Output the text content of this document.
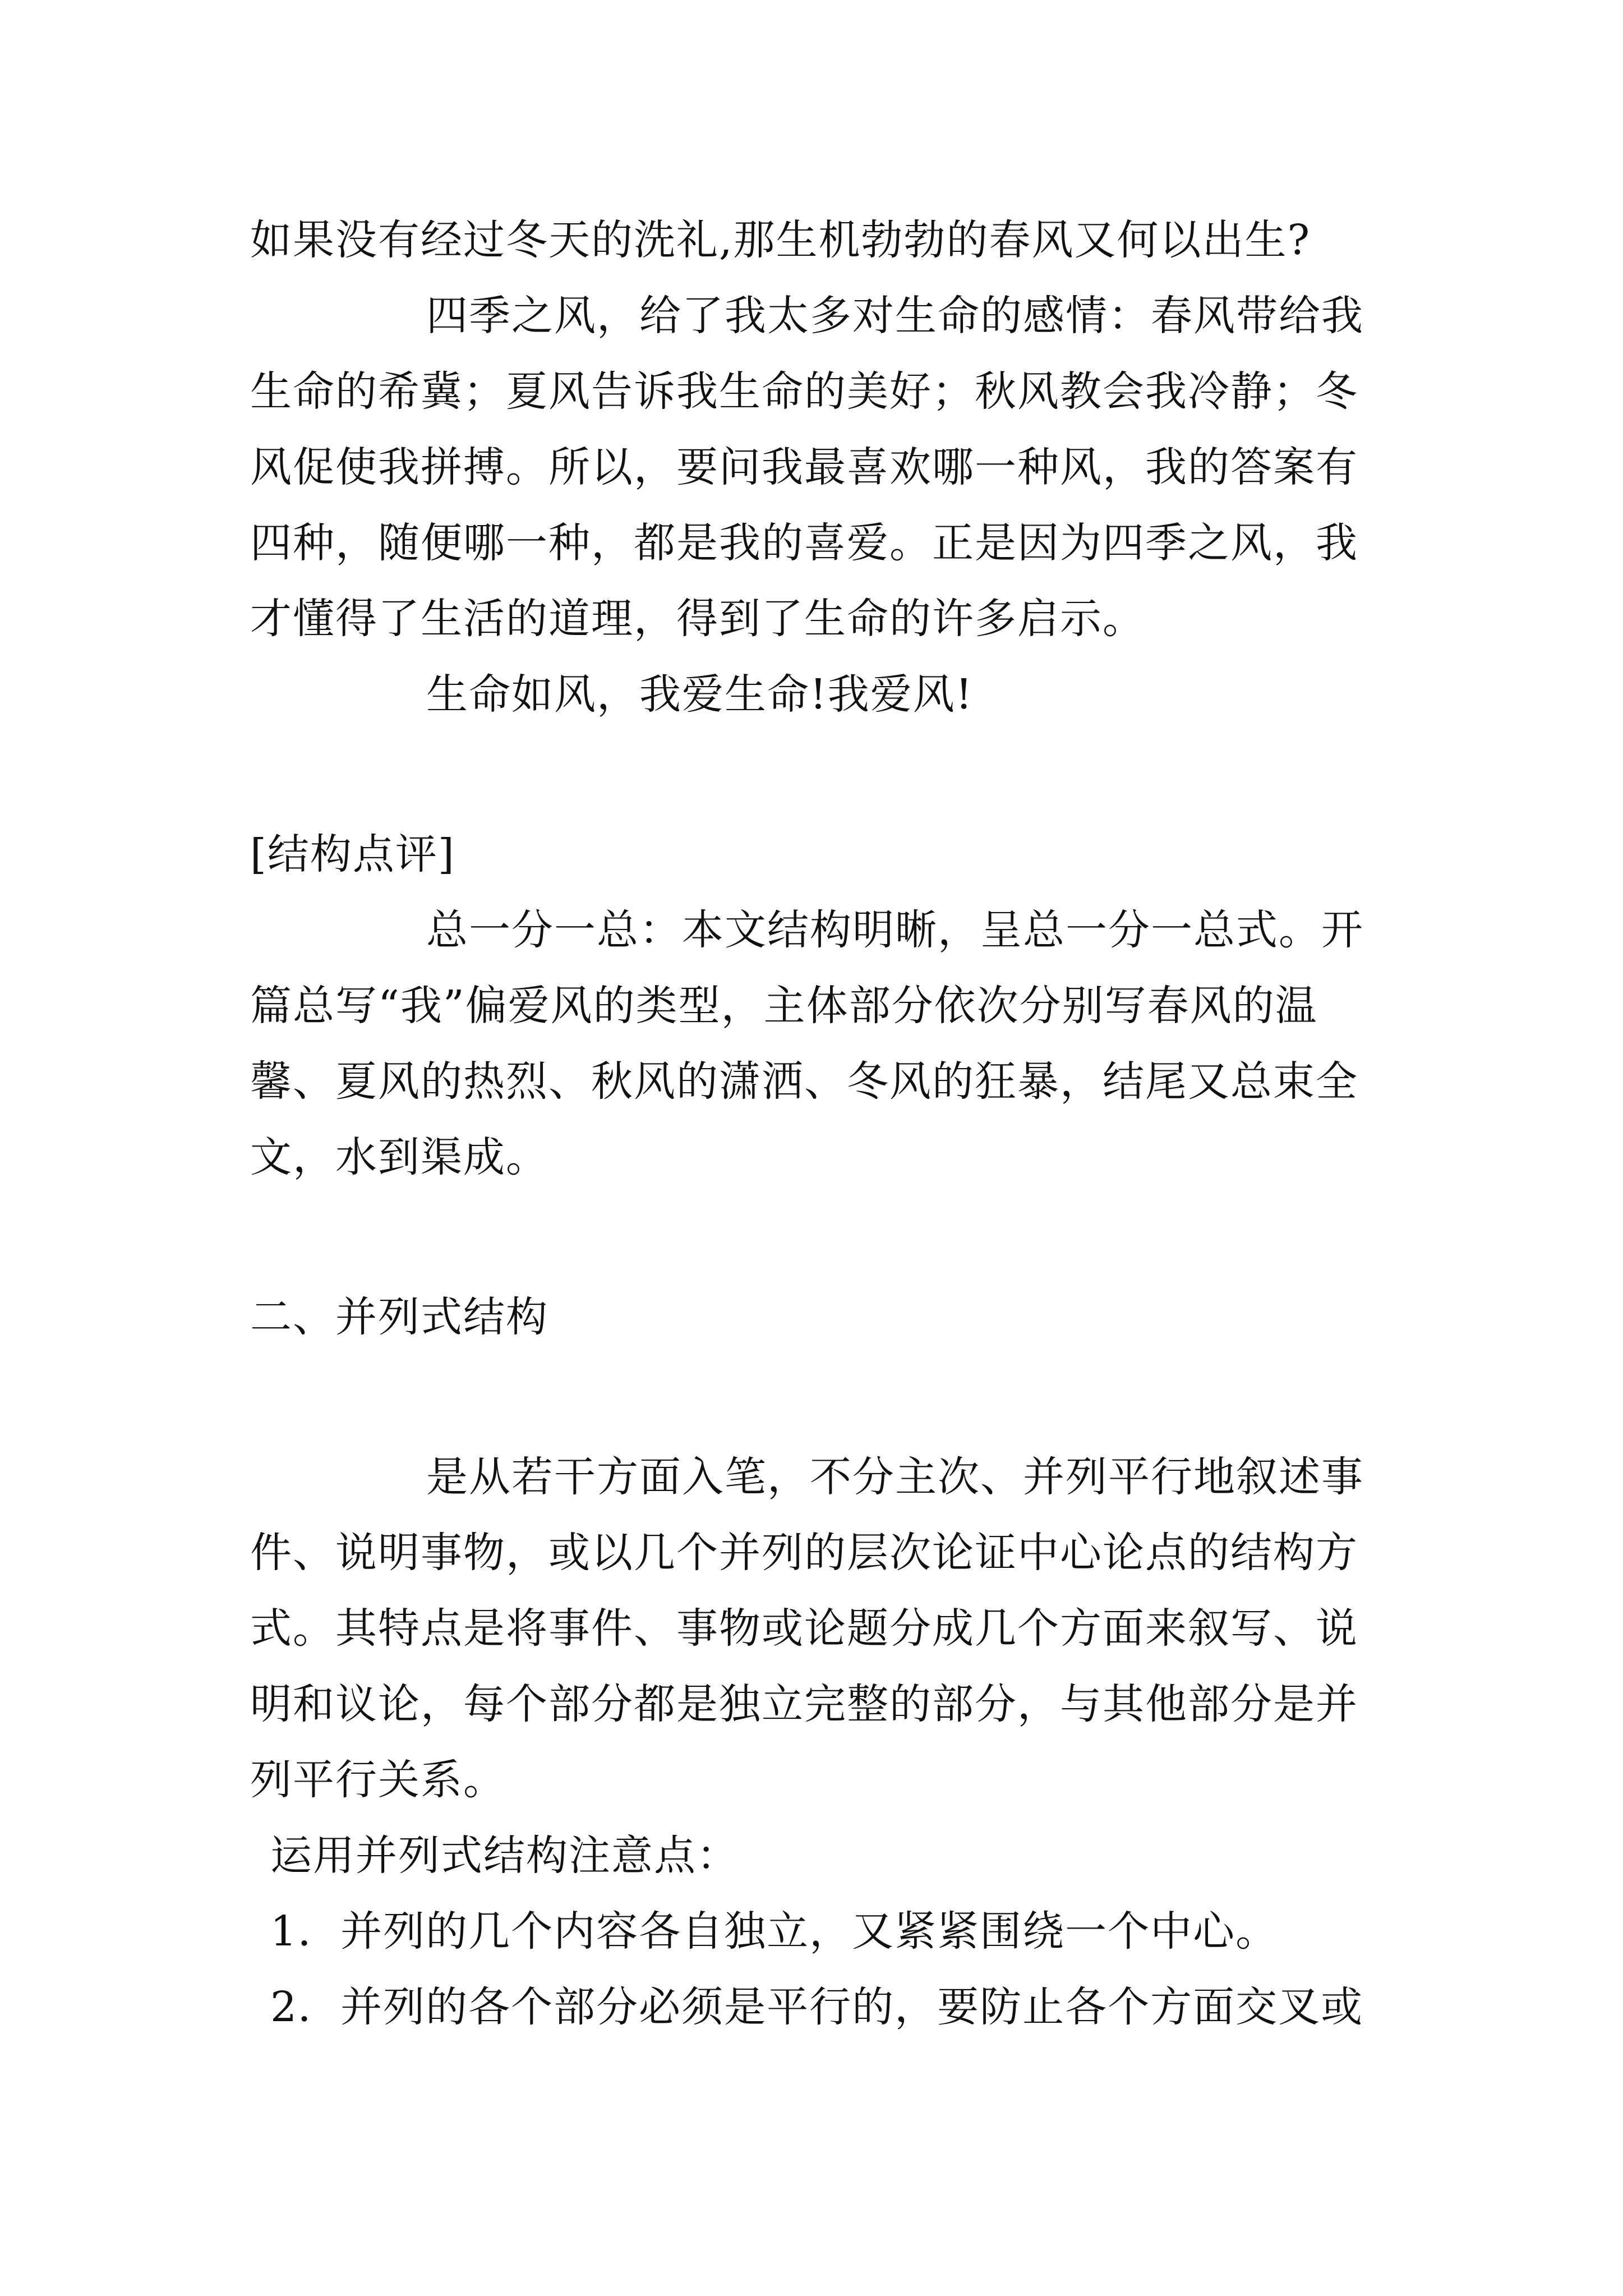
如果没有经过冬天的洗礼,那生机勃勃的春风又何以出生?
四季之风，给了我太多对生命的感情：春风带给我
生命的希冀；夏风告诉我生命的美好；秋风教会我冷静；冬
风促使我拼搏。所以，要问我最喜欢哪一种风，我的答案有
四种，随便哪一种，都是我的喜爱。正是因为四季之风，我
才懂得了生活的道理，得到了生命的许多启示。
生命如风，我爱生命!我爱风!
[结构点评]
总一分一总：本文结构明晰，呈总一分一总式。开
篇总写“我”偏爱风的类型，主体部分依次分别写春风的温
馨、夏风的热烈、秋风的潇洒、冬风的狂暴，结尾又总束全
文，水到渠成。
二、并列式结构
是从若干方面入笔，不分主次、并列平行地叙述事
件、说明事物，或以几个并列的层次论证中心论点的结构方
式。其特点是将事件、事物或论题分成几个方面来叙写、说
明和议论，每个部分都是独立完整的部分，与其他部分是并
列平行关系。
运用并列式结构注意点：
1．并列的几个内容各自独立，又紧紧围绕一个中心。
2．并列的各个部分必须是平行的，要防止各个方面交叉或
